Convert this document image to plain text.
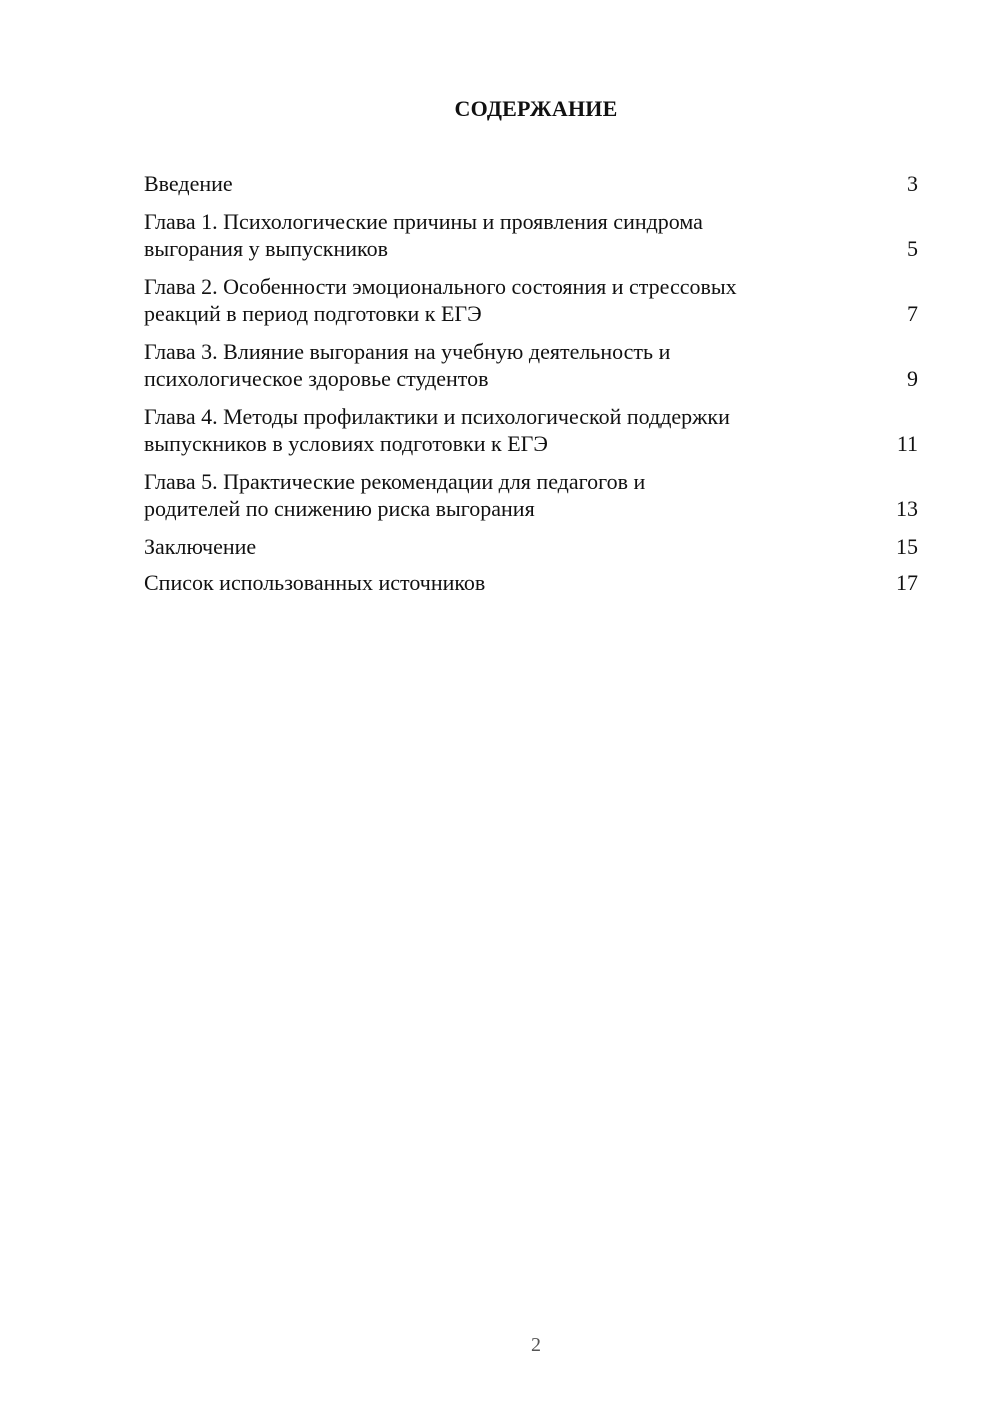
СОДЕРЖАНИЕ
Введение	3
Глава 1. Психологические причины и проявления синдрома
выгорания у выпускников	5
Глава 2. Особенности эмоционального состояния и стрессовых
реакций в период подготовки к ЕГЭ	7
Глава 3. Влияние выгорания на учебную деятельность и
психологическое здоровье студентов	9
Глава 4. Методы профилактики и психологической поддержки
выпускников в условиях подготовки к ЕГЭ	11
Глава 5. Практические рекомендации для педагогов и
родителей по снижению риска выгорания	13
Заключение	15
Список использованных источников	17
2
